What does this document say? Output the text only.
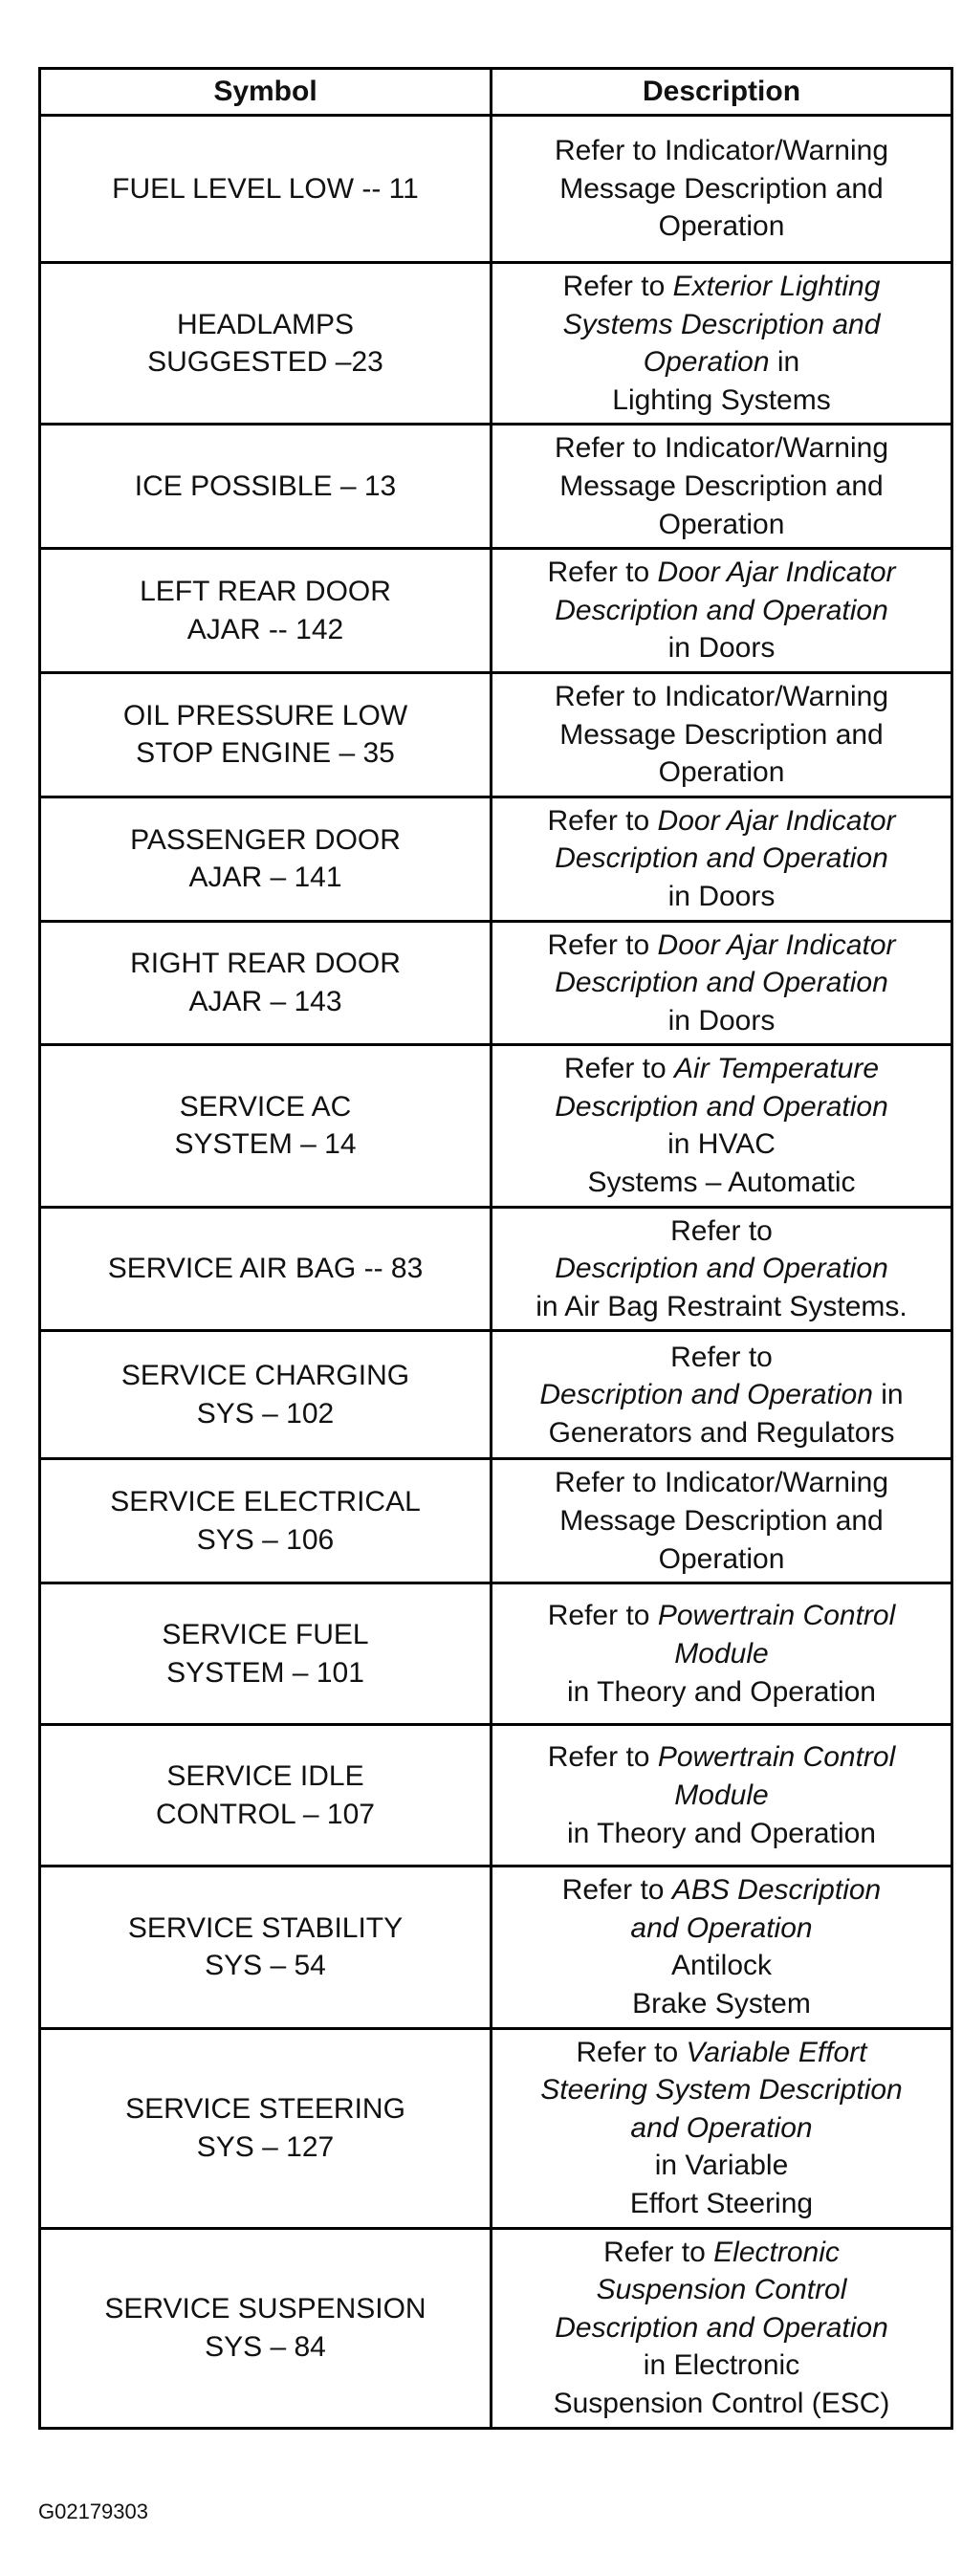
Symbol	Description

FUEL LEVEL LOW -- 11	Refer to Indicator/Warning
Message Description and
Operation

HEADLAMPS
SUGGESTED –23	Refer to Exterior Lighting
Systems Description and
Operation in
Lighting Systems

ICE POSSIBLE – 13	Refer to Indicator/Warning
Message Description and
Operation

LEFT REAR DOOR
AJAR -- 142	Refer to Door Ajar Indicator
Description and Operation
in Doors

OIL PRESSURE LOW
STOP ENGINE – 35	Refer to Indicator/Warning
Message Description and
Operation

PASSENGER DOOR
AJAR – 141	Refer to Door Ajar Indicator
Description and Operation
in Doors

RIGHT REAR DOOR
AJAR – 143	Refer to Door Ajar Indicator
Description and Operation
in Doors

SERVICE AC
SYSTEM – 14	Refer to Air Temperature
Description and Operation
in HVAC
Systems – Automatic

SERVICE AIR BAG -- 83	Refer to
Description and Operation
in Air Bag Restraint Systems.

SERVICE CHARGING
SYS – 102	Refer to
Description and Operation in
Generators and Regulators

SERVICE ELECTRICAL
SYS – 106	Refer to Indicator/Warning
Message Description and
Operation

SERVICE FUEL
SYSTEM – 101	Refer to Powertrain Control
Module
in Theory and Operation

SERVICE IDLE
CONTROL – 107	Refer to Powertrain Control
Module
in Theory and Operation

SERVICE STABILITY
SYS – 54	Refer to ABS Description
and Operation
Antilock
Brake System

SERVICE STEERING
SYS – 127	Refer to Variable Effort
Steering System Description
and Operation
in Variable
Effort Steering

SERVICE SUSPENSION
SYS – 84	Refer to Electronic
Suspension Control
Description and Operation
in Electronic
Suspension Control (ESC)
G02179303
